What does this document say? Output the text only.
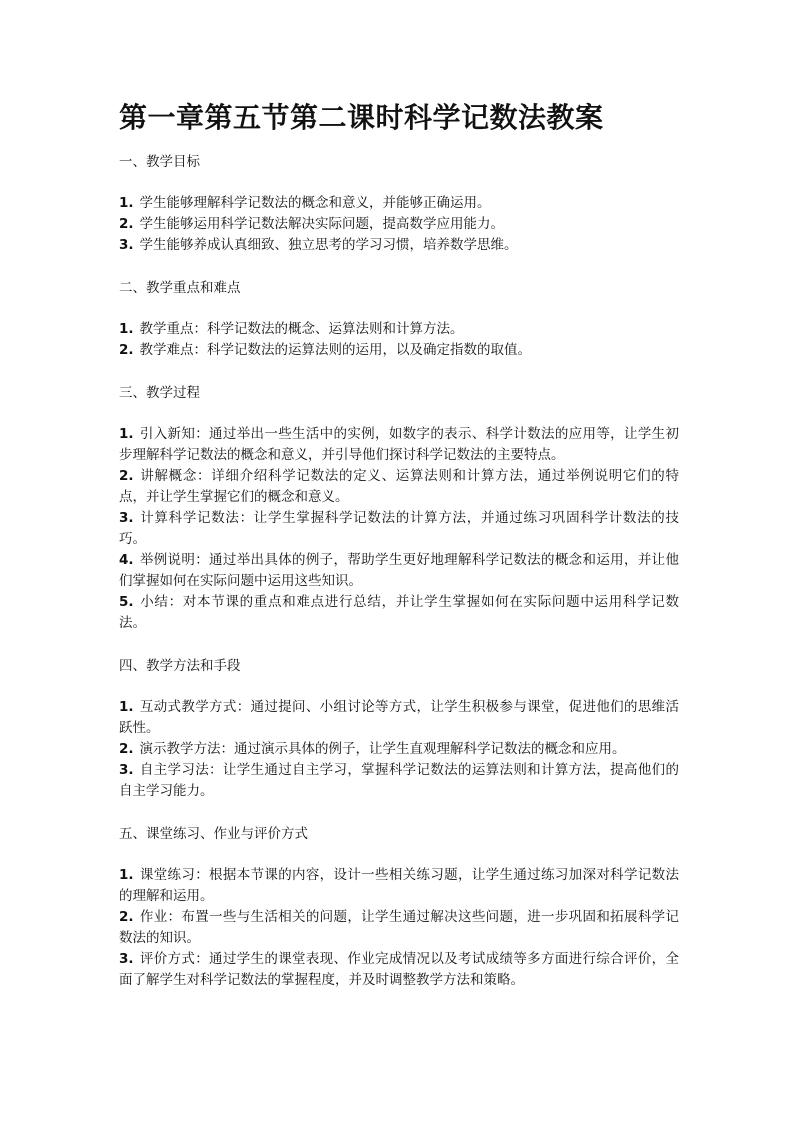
第一章第五节第二课时科学记数法教案
一、教学目标
1. 学生能够理解科学记数法的概念和意义，并能够正确运用。
2. 学生能够运用科学记数法解决实际问题，提高数学应用能力。
3. 学生能够养成认真细致、独立思考的学习习惯，培养数学思维。
二、教学重点和难点
1. 教学重点：科学记数法的概念、运算法则和计算方法。
2. 教学难点：科学记数法的运算法则的运用，以及确定指数的取值。
三、教学过程
1. 引入新知：通过举出一些生活中的实例，如数字的表示、科学计数法的应用等，让学生初步理解科学记数法的概念和意义，并引导他们探讨科学记数法的主要特点。
2. 讲解概念：详细介绍科学记数法的定义、运算法则和计算方法，通过举例说明它们的特点，并让学生掌握它们的概念和意义。
3. 计算科学记数法：让学生掌握科学记数法的计算方法，并通过练习巩固科学计数法的技巧。
4. 举例说明：通过举出具体的例子，帮助学生更好地理解科学记数法的概念和运用，并让他们掌握如何在实际问题中运用这些知识。
5. 小结：对本节课的重点和难点进行总结，并让学生掌握如何在实际问题中运用科学记数法。
四、教学方法和手段
1. 互动式教学方式：通过提问、小组讨论等方式，让学生积极参与课堂，促进他们的思维活跃性。
2. 演示教学方法：通过演示具体的例子，让学生直观理解科学记数法的概念和应用。
3. 自主学习法：让学生通过自主学习，掌握科学记数法的运算法则和计算方法，提高他们的自主学习能力。
五、课堂练习、作业与评价方式
1. 课堂练习：根据本节课的内容，设计一些相关练习题，让学生通过练习加深对科学记数法的理解和运用。
2. 作业：布置一些与生活相关的问题，让学生通过解决这些问题，进一步巩固和拓展科学记数法的知识。
3. 评价方式：通过学生的课堂表现、作业完成情况以及考试成绩等多方面进行综合评价，全面了解学生对科学记数法的掌握程度，并及时调整教学方法和策略。
